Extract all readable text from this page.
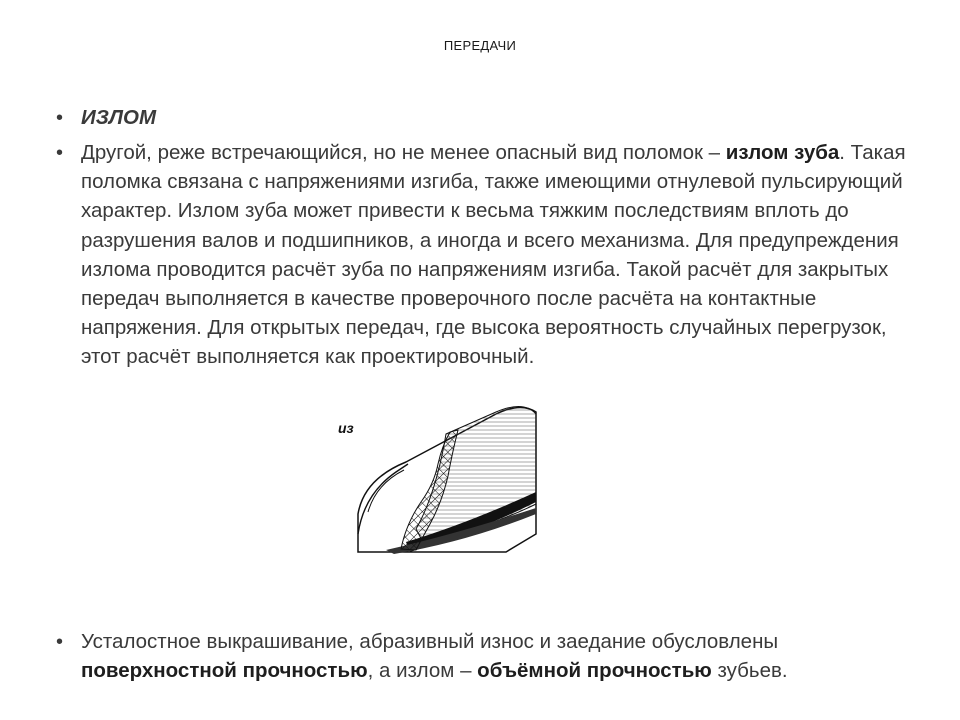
ПЕРЕДАЧИ
• ИЗЛОМ
• Другой, реже встречающийся, но не менее опасный вид поломок – излом зуба. Такая поломка связана с напряжениями изгиба, также имеющими отнулевой пульсирующий характер. Излом зуба может привести к весьма тяжким последствиям вплоть до разрушения валов и подшипников, а иногда и всего механизма. Для предупреждения излома проводится расчёт зуба по напряжениям изгиба. Такой расчёт для закрытых передач выполняется в качестве проверочного после расчёта на контактные напряжения. Для открытых передач, где высока вероятность случайных перегрузок, этот расчёт выполняется как проектировочный.
из
• Усталостное выкрашивание, абразивный износ и заедание обусловлены поверхностной прочностью, а излом – объёмной прочностью зубьев.
